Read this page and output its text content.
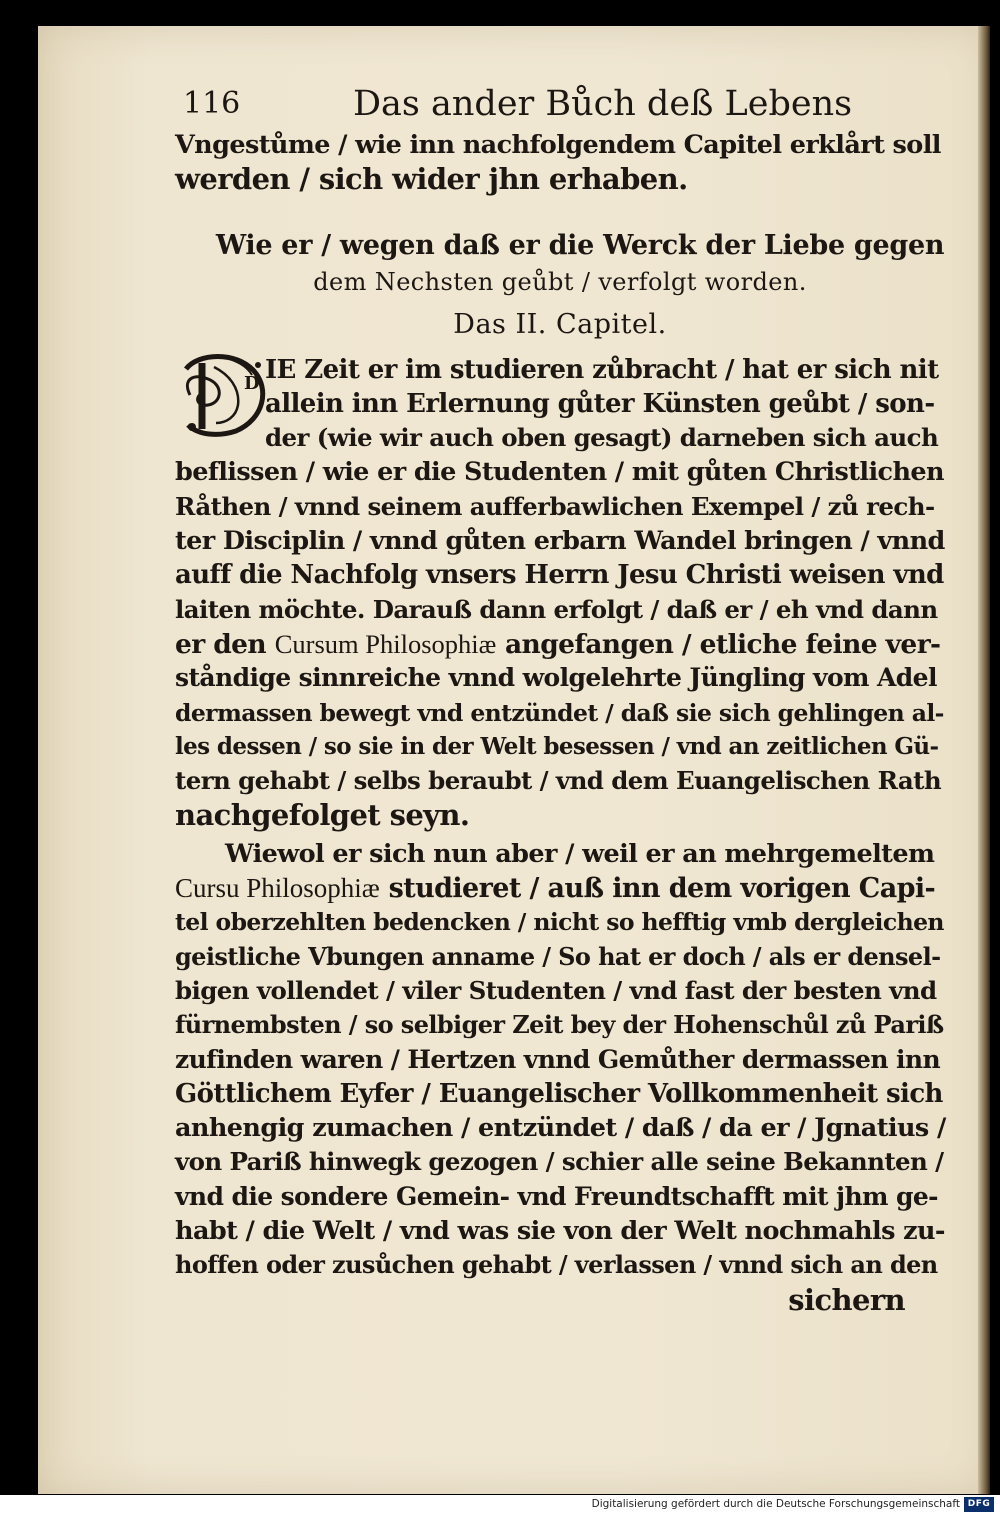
116	Das ander Bůch deß Lebens
Vngestůme / wie inn nachfolgendem Capitel erklårt soll
werden / sich wider jhn erhaben.
Wie er / wegen daß er die Werck der Liebe gegen
dem Nechsten geůbt / verfolgt worden.
Das II. Capitel.
D IE Zeit er im studieren zůbracht / hat er sich nit
allein inn Erlernung gůter Künsten geůbt / son-
der (wie wir auch oben gesagt) darneben sich auch
beflissen / wie er die Studenten / mit gůten Christlichen
Råthen / vnnd seinem aufferbawlichen Exempel / zů rech-
ter Disciplin / vnnd gůten erbarn Wandel bringen / vnnd
auff die Nachfolg vnsers Herrn Jesu Christi weisen vnd
laiten möchte. Darauß dann erfolgt / daß er / eh vnd dann
er den Cursum Philosophiæ angefangen / etliche feine ver-
ståndige sinnreiche vnnd wolgelehrte Jüngling vom Adel
dermassen bewegt vnd entzündet / daß sie sich gehlingen al-
les dessen / so sie in der Welt besessen / vnd an zeitlichen Gü-
tern gehabt / selbs beraubt / vnd dem Euangelischen Rath
nachgefolget seyn.
Wiewol er sich nun aber / weil er an mehrgemeltem
Cursu Philosophiæ studieret / auß inn dem vorigen Capi-
tel oberzehlten bedencken / nicht so hefftig vmb dergleichen
geistliche Vbungen anname / So hat er doch / als er densel-
bigen vollendet / viler Studenten / vnd fast der besten vnd
fürnembsten / so selbiger Zeit bey der Hohenschůl zů Pariß
zufinden waren / Hertzen vnnd Gemůther dermassen inn
Göttlichem Eyfer / Euangelischer Vollkommenheit sich
anhengig zumachen / entzündet / daß / da er / Jgnatius /
von Pariß hinwegk gezogen / schier alle seine Bekannten /
vnd die sondere Gemein- vnd Freundtschafft mit jhm ge-
habt / die Welt / vnd was sie von der Welt nochmahls zu-
hoffen oder zusůchen gehabt / verlassen / vnnd sich an den
sichern
Digitalisierung gefördert durch die Deutsche Forschungsgemeinschaft DFG
